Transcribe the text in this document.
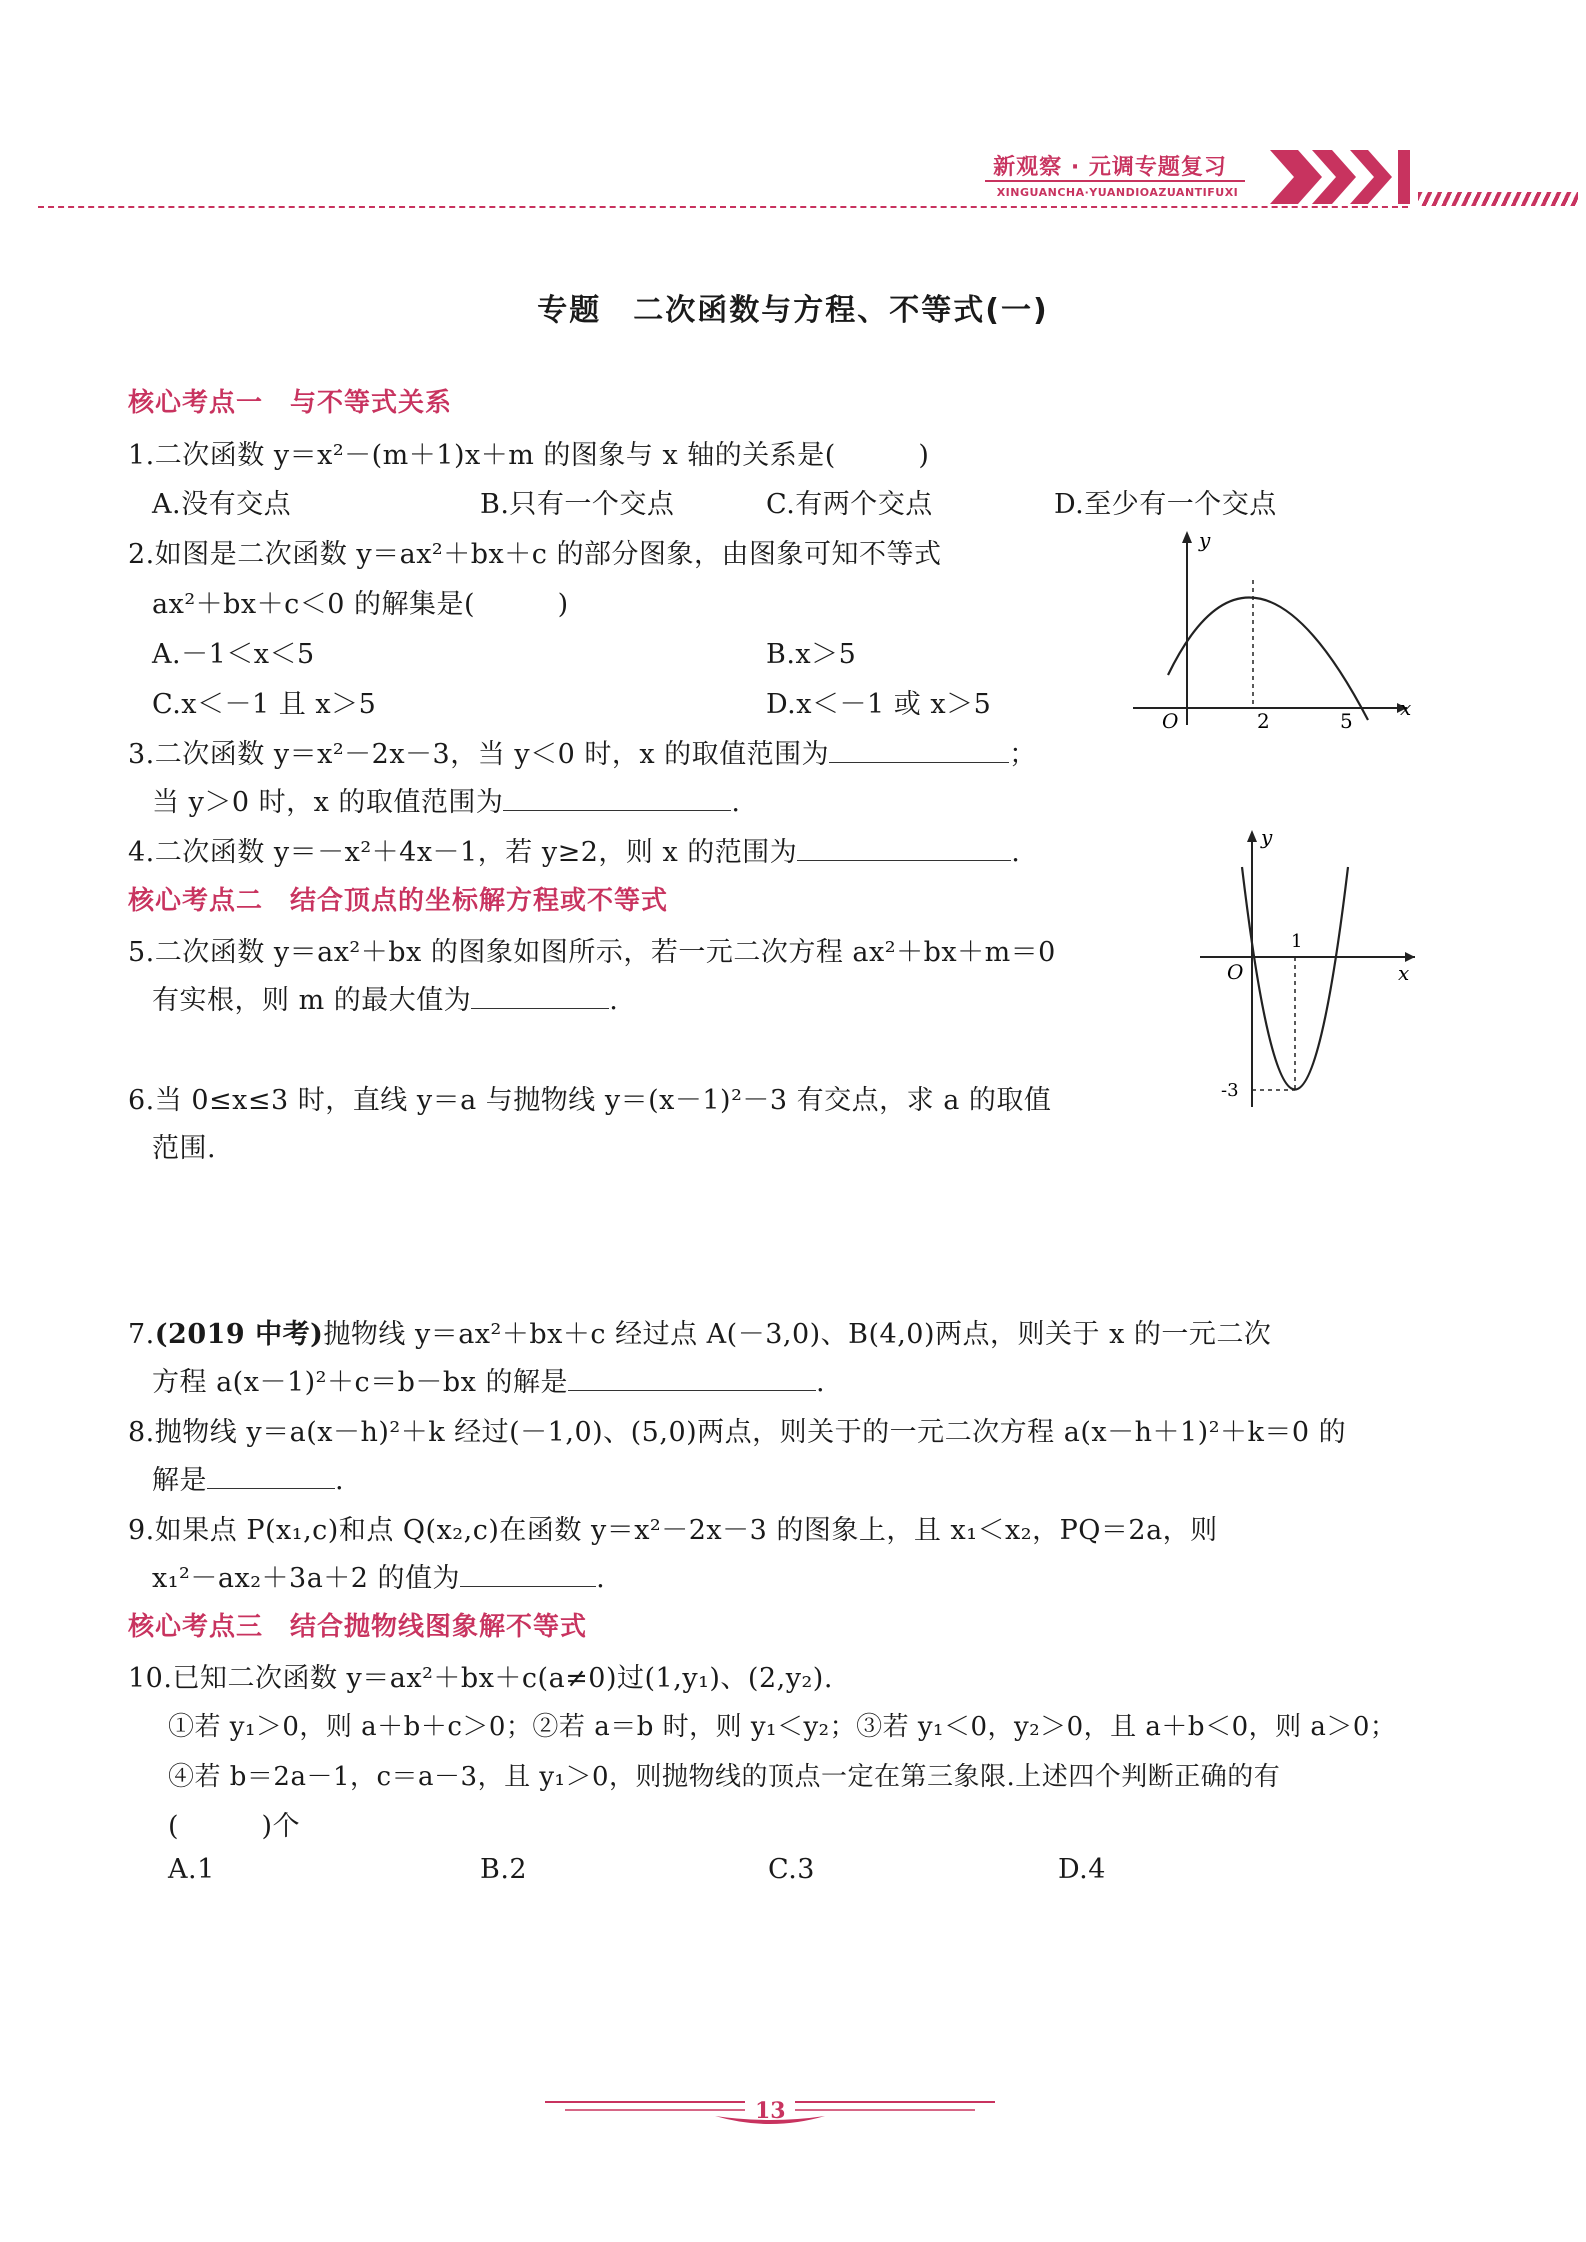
新观察 · 元调专题复习
XINGUANCHA·YUANDIOAZUANTIFUXI
专题　二次函数与方程、不等式(一)
核心考点一　与不等式关系
1.二次函数 y＝x²－(m＋1)x＋m 的图象与 x 轴的关系是(　　　)
A.没有交点	B.只有一个交点	C.有两个交点	D.至少有一个交点
2.如图是二次函数 y＝ax²＋bx＋c 的部分图象，由图象可知不等式
ax²＋bx＋c＜0 的解集是(　　　)
A.－1＜x＜5	B.x＞5
C.x＜－1 且 x＞5	D.x＜－1 或 x＞5
y
x
O	2	5
3.二次函数 y＝x²－2x－3，当 y＜0 时，x 的取值范围为	；
当 y＞0 时，x 的取值范围为	.
4.二次函数 y＝－x²＋4x－1，若 y≥2，则 x 的范围为	.
核心考点二　结合顶点的坐标解方程或不等式
5.二次函数 y＝ax²＋bx 的图象如图所示，若一元二次方程 ax²＋bx＋m＝0
有实根，则 m 的最大值为	.
y
x
O
1
-3
6.当 0≤x≤3 时，直线 y＝a 与抛物线 y＝(x－1)²－3 有交点，求 a 的取值
范围.
7.(2019 中考)抛物线 y＝ax²＋bx＋c 经过点 A(－3,0)、B(4,0)两点，则关于 x 的一元二次
方程 a(x－1)²＋c＝b－bx 的解是	.
8.抛物线 y＝a(x－h)²＋k 经过(－1,0)、(5,0)两点，则关于的一元二次方程 a(x－h＋1)²＋k＝0 的
解是	.
9.如果点 P(x₁,c)和点 Q(x₂,c)在函数 y＝x²－2x－3 的图象上，且 x₁＜x₂，PQ＝2a，则
x₁²－ax₂＋3a＋2 的值为	.
核心考点三　结合抛物线图象解不等式
10.已知二次函数 y＝ax²＋bx＋c(a≠0)过(1,y₁)、(2,y₂).
①若 y₁＞0，则 a＋b＋c＞0；②若 a＝b 时，则 y₁＜y₂；③若 y₁＜0，y₂＞0，且 a＋b＜0，则 a＞0；
④若 b＝2a－1，c＝a－3，且 y₁＞0，则抛物线的顶点一定在第三象限.上述四个判断正确的有
(　　　)个
A.1	B.2	C.3	D.4
13
